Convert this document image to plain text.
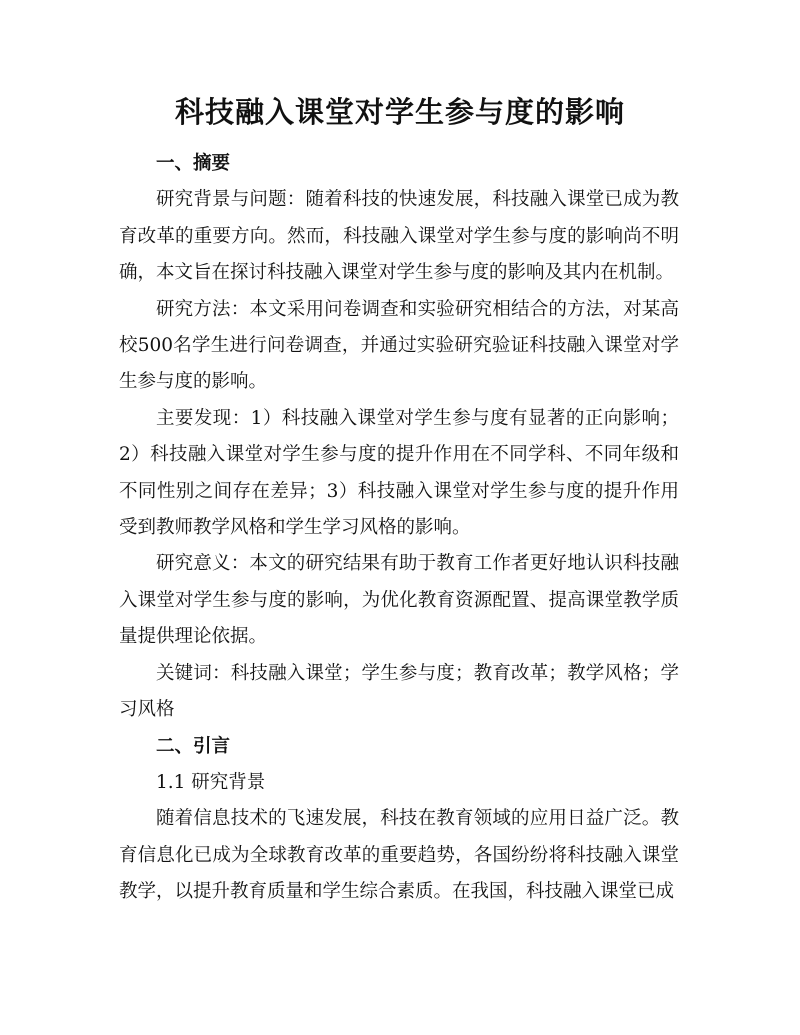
科技融入课堂对学生参与度的影响
一、摘要

研究背景与问题：随着科技的快速发展，科技融入课堂已成为教育改革的重要方向。然而，科技融入课堂对学生参与度的影响尚不明确，本文旨在探讨科技融入课堂对学生参与度的影响及其内在机制。

研究方法：本文采用问卷调查和实验研究相结合的方法，对某高校500名学生进行问卷调查，并通过实验研究验证科技融入课堂对学生参与度的影响。

主要发现：1）科技融入课堂对学生参与度有显著的正向影响；2）科技融入课堂对学生参与度的提升作用在不同学科、不同年级和不同性别之间存在差异；3）科技融入课堂对学生参与度的提升作用受到教师教学风格和学生学习风格的影响。

研究意义：本文的研究结果有助于教育工作者更好地认识科技融入课堂对学生参与度的影响，为优化教育资源配置、提高课堂教学质量提供理论依据。

关键词：科技融入课堂；学生参与度；教育改革；教学风格；学习风格

二、引言
1.1 研究背景

随着信息技术的飞速发展，科技在教育领域的应用日益广泛。教育信息化已成为全球教育改革的重要趋势，各国纷纷将科技融入课堂教学，以提升教育质量和学生综合素质。在我国，科技融入课堂已成
